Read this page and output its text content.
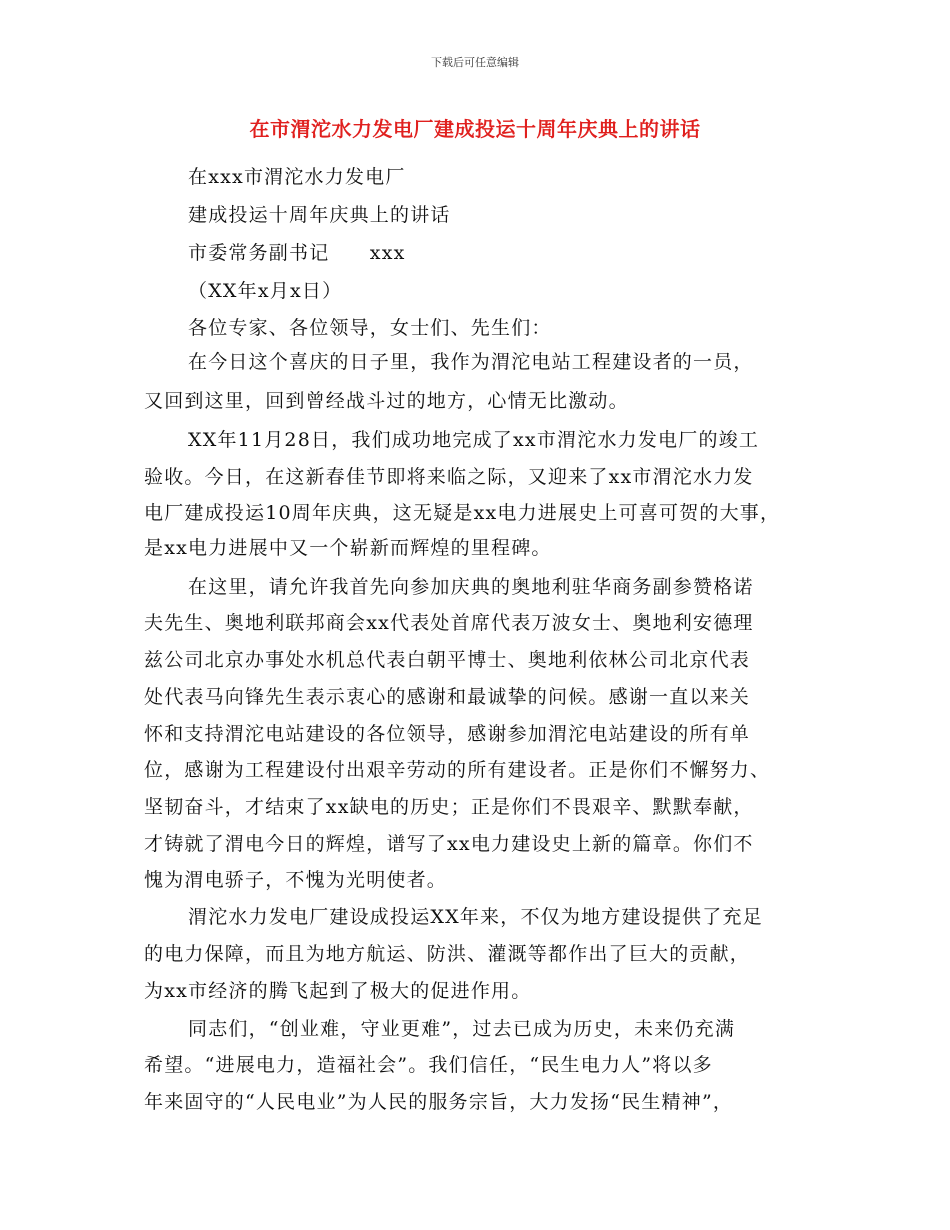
下载后可任意编辑
在市渭沱水力发电厂建成投运十周年庆典上的讲话
在xxx市渭沱水力发电厂
建成投运十周年庆典上的讲话
市委常务副书记　　xxx
（XX年x月x日）
各位专家、各位领导，女士们、先生们：
在今日这个喜庆的日子里，我作为渭沱电站工程建设者的一员，
又回到这里，回到曾经战斗过的地方，心情无比激动。
XX年11月28日，我们成功地完成了xx市渭沱水力发电厂的竣工
验收。今日，在这新春佳节即将来临之际，又迎来了xx市渭沱水力发
电厂建成投运10周年庆典，这无疑是xx电力进展史上可喜可贺的大事，
是xx电力进展中又一个崭新而辉煌的里程碑。
在这里，请允许我首先向参加庆典的奥地利驻华商务副参赞格诺
夫先生、奥地利联邦商会xx代表处首席代表万波女士、奥地利安德理
兹公司北京办事处水机总代表白朝平博士、奥地利依林公司北京代表
处代表马向锋先生表示衷心的感谢和最诚挚的问候。感谢一直以来关
怀和支持渭沱电站建设的各位领导，感谢参加渭沱电站建设的所有单
位，感谢为工程建设付出艰辛劳动的所有建设者。正是你们不懈努力、
坚韧奋斗，才结束了xx缺电的历史；正是你们不畏艰辛、默默奉献，
才铸就了渭电今日的辉煌，谱写了xx电力建设史上新的篇章。你们不
愧为渭电骄子，不愧为光明使者。
渭沱水力发电厂建设成投运XX年来，不仅为地方建设提供了充足
的电力保障，而且为地方航运、防洪、灌溉等都作出了巨大的贡献，
为xx市经济的腾飞起到了极大的促进作用。
同志们，“创业难，守业更难”，过去已成为历史，未来仍充满
希望。“进展电力，造福社会”。我们信任，“民生电力人”将以多
年来固守的“人民电业”为人民的服务宗旨，大力发扬“民生精神”，
